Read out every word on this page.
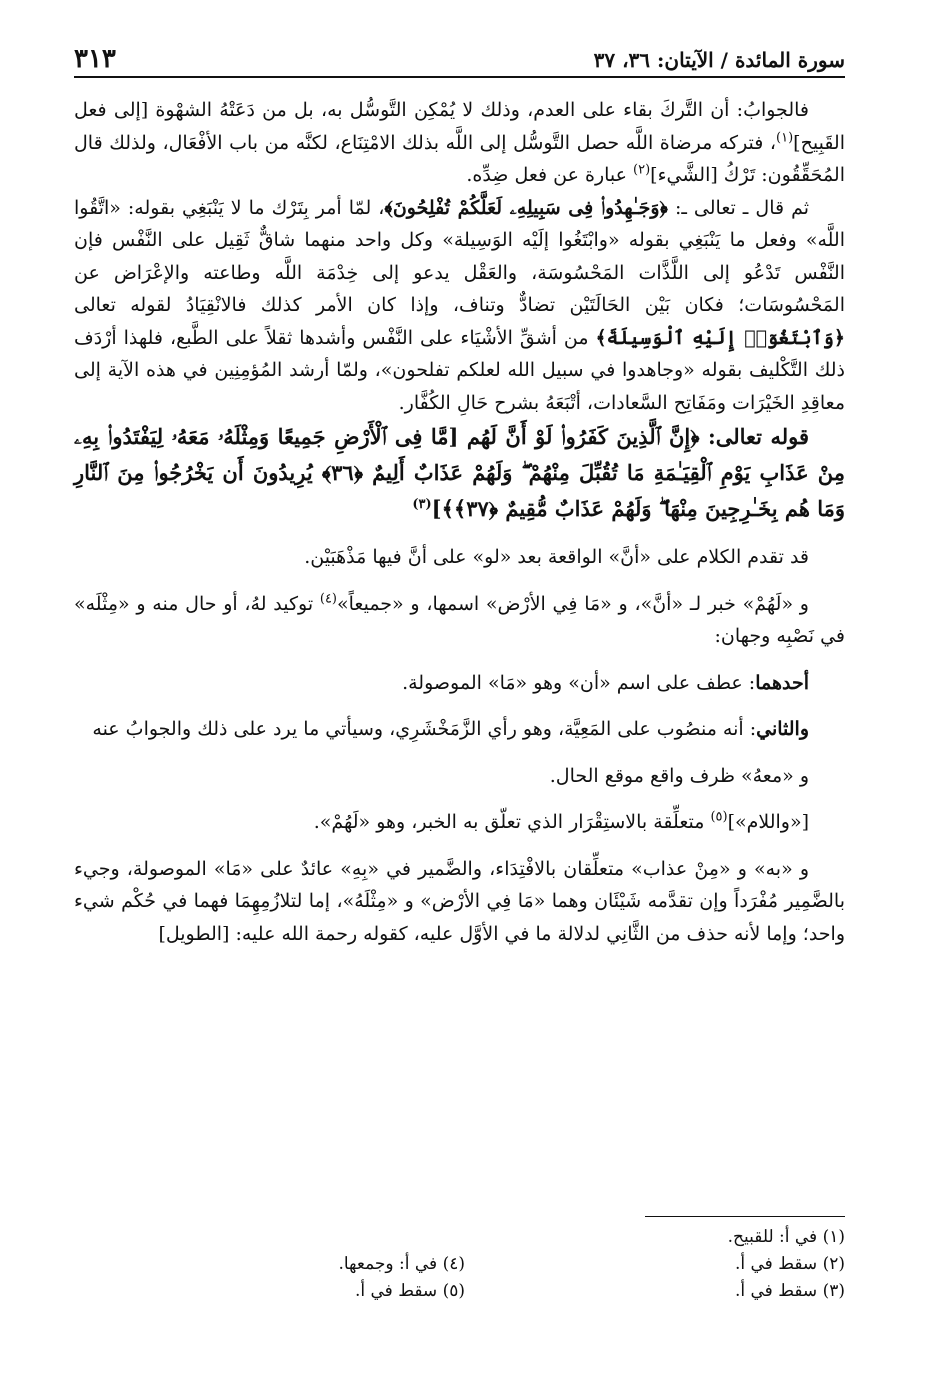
سورة المائدة / الآيتان: ٣٦، ٣٧
٣١٣

فالجوابُ: أن التَّركَ بقاء على العدم، وذلك لا يُمْكِن التَّوسُّل به، بل من دَعَتْهُ الشهْوة [إلى فعل القَبِيح]$^{(١)}$، فتركه مرضاة اللَّه حصل التَّوسُّل إلى اللَّه بذلك الامْتِنَاع، لكنَّه من باب الأفْعَال، ولذلك قال المُحَقِّقُون: تَرْكُ [الشَّيء]$^{(٢)}$ عبارة عن فعل ضِدِّه.

ثم قال ـ تعالى ـ: ﴿وَجَـٰهِدُوا۟ فِى سَبِيلِهِۦ لَعَلَّكُمْ تُفْلِحُونَ﴾، لمّا أمر بِتَرْك ما لا يَنْبَغِي بقوله: «اتَّقُوا اللَّه» وفعل ما يَنْبَغِي بقوله «وابْتَغُوا إلَيْه الوَسِيلة» وكل واحد منهما شاقٌّ ثَقِيل على النَّفْس فإن النَّفْس تَدْعُو إلى اللَّذَّات المَحْسُوسَة، والعَقْل يدعو إلى خِدْمَة اللَّه وطاعته والإعْرَاض عن المَحْسُوسَات؛ فكان بَيْن الحَالَتَيْن تضادٌّ وتناف، وإذا كان الأمر كذلك فالانْقِيَادُ لقوله تعالى ﴿وَٱبْتَغُوٓا۟ إِلَيْهِ ٱلْوَسِيلَةَ﴾ من أشقِّ الأشْيَاء على النَّفْس وأشدها ثقلاً على الطَّبع، فلهذا أرْدَف ذلك التَّكْليف بقوله «وجاهدوا في سبيل الله لعلكم تفلحون»، ولمّا أرشد المُؤمِنِين في هذه الآية إلى معاقِدِ الخَيْرَات ومَفَاتِح السَّعادات، أتْبَعَهُ بشرح حَالِ الكُفَّار.

قوله تعالى: ﴿إِنَّ ٱلَّذِينَ كَفَرُوا۟ لَوْ أَنَّ لَهُم [مَّا فِى ٱلْأَرْضِ جَمِيعًا وَمِثْلَهُۥ مَعَهُۥ لِيَفْتَدُوا۟ بِهِۦ مِنْ عَذَابِ يَوْمِ ٱلْقِيَـٰمَةِ مَا تُقُبِّلَ مِنْهُمْ ۖ وَلَهُمْ عَذَابٌ أَلِيمٌ ﴿٣٦﴾ يُرِيدُونَ أَن يَخْرُجُوا۟ مِنَ ٱلنَّارِ وَمَا هُم بِخَـٰرِجِينَ مِنْهَا ۖ وَلَهُمْ عَذَابٌ مُّقِيمٌ ﴿٣٧﴾﴾]$^{(٣)}$

قد تقدم الكلام على «أنَّ» الواقعة بعد «لو» على أنَّ فيها مَذْهَبَيْن.

و «لَهُمْ» خبر لـ «أنَّ»، و «مَا فِي الأرْض» اسمها، و «جميعاً»$^{(٤)}$ توكيد لهُ، أو حال منه و «مِثْلَه» في نَصْبِه وجهان:

أحدهما: عطف على اسم «أن» وهو «مَا» الموصولة.

والثاني: أنه منصُوب على المَعِيَّة، وهو رأي الزَّمَخْشَرِي، وسيأتي ما يرد على ذلك والجوابُ عنه

و «معهُ» ظرف واقع موقع الحال.

[«واللام»]$^{(٥)}$ متعلِّقة بالاستِقْرَار الذي تعلّق به الخبر، وهو «لَهُمْ».

و «به» و «مِنْ عذاب» متعلِّقان بالافْتِدَاء، والضَّمير في «بِهِ» عائدٌ على «مَا» الموصولة، وجيء بالضَّمِير مُفْرَداً وإن تقدَّمه شَيْئَان وهما «مَا فِي الأرْض» و «مِثْلَهُ»، إما لتلازُمِهِمَا فهما في حُكْم شيء واحد؛ وإما لأنه حذف من الثَّانِي لدلالة ما في الأوَّل عليه، كقوله رحمة الله عليه: [الطويل]

(١) في أ: للقبيح.
(٢) سقط في أ.
(٤) في أ: وجمعها.
(٣) سقط في أ.
(٥) سقط في أ.
